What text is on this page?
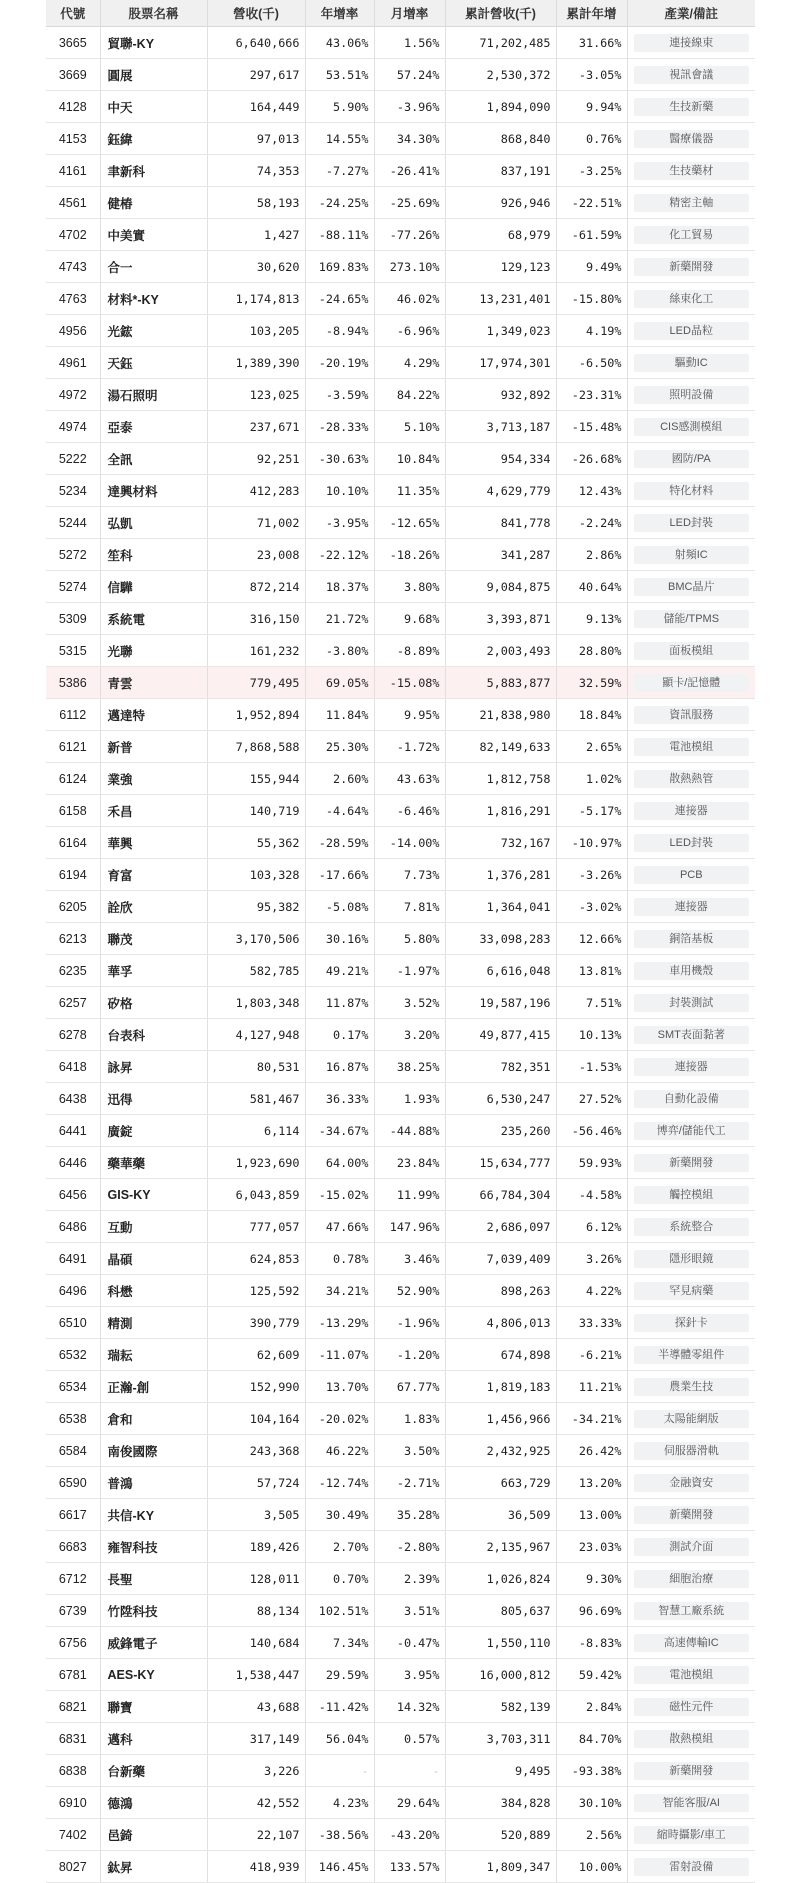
代號	股票名稱	營收(千)	年增率	月增率	累計營收(千)	累計年增	產業/備註
3665	貿聯-KY	6,640,666	43.06%	1.56%	71,202,485	31.66%	連接線束

3669	圓展	297,617	53.51%	57.24%	2,530,372	-3.05%	視訊會議

4128	中天	164,449	5.90%	-3.96%	1,894,090	9.94%	生技新藥

4153	鈺緯	97,013	14.55%	34.30%	868,840	0.76%	醫療儀器

4161	聿新科	74,353	-7.27%	-26.41%	837,191	-3.25%	生技藥材

4561	健椿	58,193	-24.25%	-25.69%	926,946	-22.51%	精密主軸

4702	中美實	1,427	-88.11%	-77.26%	68,979	-61.59%	化工貿易

4743	合一	30,620	169.83%	273.10%	129,123	9.49%	新藥開發

4763	材料*-KY	1,174,813	-24.65%	46.02%	13,231,401	-15.80%	絲束化工

4956	光鋐	103,205	-8.94%	-6.96%	1,349,023	4.19%	LED晶粒

4961	天鈺	1,389,390	-20.19%	4.29%	17,974,301	-6.50%	驅動IC

4972	湯石照明	123,025	-3.59%	84.22%	932,892	-23.31%	照明設備

4974	亞泰	237,671	-28.33%	5.10%	3,713,187	-15.48%	CIS感測模組

5222	全訊	92,251	-30.63%	10.84%	954,334	-26.68%	國防/PA

5234	達興材料	412,283	10.10%	11.35%	4,629,779	12.43%	特化材料

5244	弘凱	71,002	-3.95%	-12.65%	841,778	-2.24%	LED封裝

5272	笙科	23,008	-22.12%	-18.26%	341,287	2.86%	射頻IC

5274	信驊	872,214	18.37%	3.80%	9,084,875	40.64%	BMC晶片

5309	系統電	316,150	21.72%	9.68%	3,393,871	9.13%	儲能/TPMS

5315	光聯	161,232	-3.80%	-8.89%	2,003,493	28.80%	面板模組

5386	青雲	779,495	69.05%	-15.08%	5,883,877	32.59%	顯卡/記憶體

6112	邁達特	1,952,894	11.84%	9.95%	21,838,980	18.84%	資訊服務

6121	新普	7,868,588	25.30%	-1.72%	82,149,633	2.65%	電池模組

6124	業強	155,944	2.60%	43.63%	1,812,758	1.02%	散熱熱管

6158	禾昌	140,719	-4.64%	-6.46%	1,816,291	-5.17%	連接器

6164	華興	55,362	-28.59%	-14.00%	732,167	-10.97%	LED封裝

6194	育富	103,328	-17.66%	7.73%	1,376,281	-3.26%	PCB

6205	詮欣	95,382	-5.08%	7.81%	1,364,041	-3.02%	連接器

6213	聯茂	3,170,506	30.16%	5.80%	33,098,283	12.66%	銅箔基板

6235	華孚	582,785	49.21%	-1.97%	6,616,048	13.81%	車用機殼

6257	矽格	1,803,348	11.87%	3.52%	19,587,196	7.51%	封裝測試

6278	台表科	4,127,948	0.17%	3.20%	49,877,415	10.13%	SMT表面黏著

6418	詠昇	80,531	16.87%	38.25%	782,351	-1.53%	連接器

6438	迅得	581,467	36.33%	1.93%	6,530,247	27.52%	自動化設備

6441	廣錠	6,114	-34.67%	-44.88%	235,260	-56.46%	博弈/儲能代工

6446	藥華藥	1,923,690	64.00%	23.84%	15,634,777	59.93%	新藥開發

6456	GIS-KY	6,043,859	-15.02%	11.99%	66,784,304	-4.58%	觸控模組

6486	互動	777,057	47.66%	147.96%	2,686,097	6.12%	系統整合

6491	晶碩	624,853	0.78%	3.46%	7,039,409	3.26%	隱形眼鏡

6496	科懋	125,592	34.21%	52.90%	898,263	4.22%	罕見病藥

6510	精測	390,779	-13.29%	-1.96%	4,806,013	33.33%	探針卡

6532	瑞耘	62,609	-11.07%	-1.20%	674,898	-6.21%	半導體零組件

6534	正瀚-創	152,990	13.70%	67.77%	1,819,183	11.21%	農業生技

6538	倉和	104,164	-20.02%	1.83%	1,456,966	-34.21%	太陽能網版

6584	南俊國際	243,368	46.22%	3.50%	2,432,925	26.42%	伺服器滑軌

6590	普鴻	57,724	-12.74%	-2.71%	663,729	13.20%	金融資安

6617	共信-KY	3,505	30.49%	35.28%	36,509	13.00%	新藥開發

6683	雍智科技	189,426	2.70%	-2.80%	2,135,967	23.03%	測試介面

6712	長聖	128,011	0.70%	2.39%	1,026,824	9.30%	細胞治療

6739	竹陞科技	88,134	102.51%	3.51%	805,637	96.69%	智慧工廠系統

6756	威鋒電子	140,684	7.34%	-0.47%	1,550,110	-8.83%	高速傳輸IC

6781	AES-KY	1,538,447	29.59%	3.95%	16,000,812	59.42%	電池模組

6821	聯寶	43,688	-11.42%	14.32%	582,139	2.84%	磁性元件

6831	邁科	317,149	56.04%	0.57%	3,703,311	84.70%	散熱模組

6838	台新藥	3,226	-	-	9,495	-93.38%	新藥開發

6910	德鴻	42,552	4.23%	29.64%	384,828	30.10%	智能客服/AI

7402	邑錡	22,107	-38.56%	-43.20%	520,889	2.56%	縮時攝影/車工

8027	鈦昇	418,939	146.45%	133.57%	1,809,347	10.00%	雷射設備
